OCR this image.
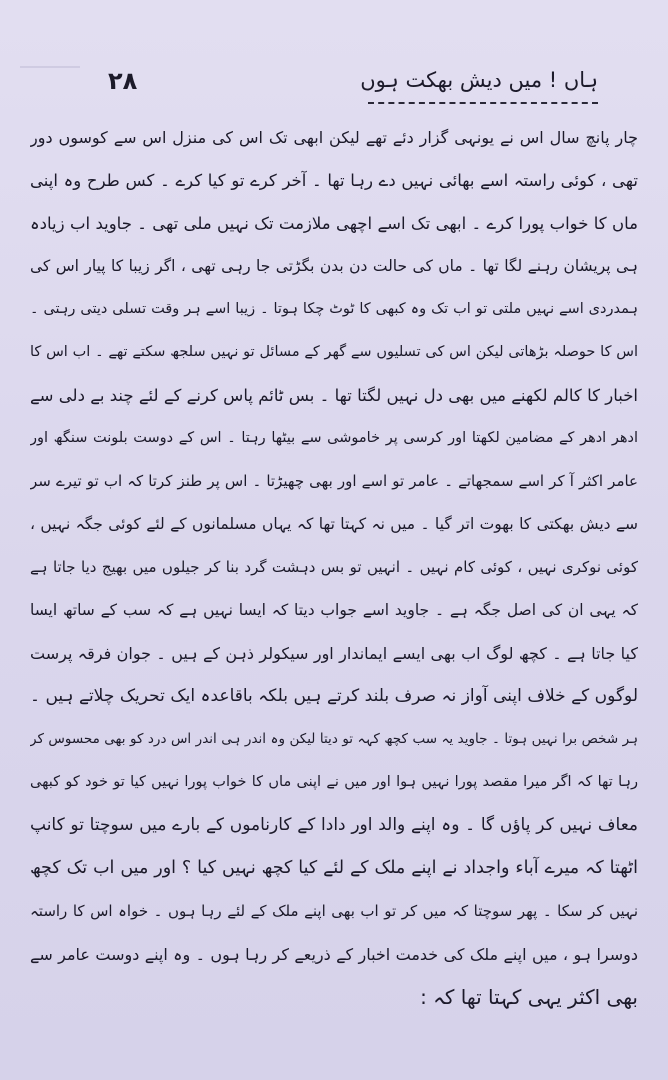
ہاں ! میں دیش بھکت ہوں
۲۸
چار پانچ سال اس نے یونہی گزار دئے تھے لیکن ابھی تک اس کی منزل اس سے کوسوں دور
تھی ، کوئی راستہ اسے بھائی نہیں دے رہا تھا ۔ آخر کرے تو کیا کرے ۔ کس طرح وہ اپنی
ماں کا خواب پورا کرے ۔ ابھی تک اسے اچھی ملازمت تک نہیں ملی تھی ۔ جاوید اب زیادہ
ہی پریشان رہنے لگا تھا ۔ ماں کی حالت دن بدن بگڑتی جا رہی تھی ، اگر زیبا کا پیار اس کی
ہمدردی اسے نہیں ملتی تو اب تک وہ کبھی کا ٹوٹ چکا ہوتا ۔ زیبا اسے ہر وقت تسلی دیتی رہتی ۔
اس کا حوصلہ بڑھاتی لیکن اس کی تسلیوں سے گھر کے مسائل تو نہیں سلجھ سکتے تھے ۔ اب اس کا
اخبار کا کالم لکھنے میں بھی دل نہیں لگتا تھا ۔ بس ٹائم پاس کرنے کے لئے چند بے دلی سے
ادھر ادھر کے مضامین لکھتا اور کرسی پر خاموشی سے بیٹھا رہتا ۔ اس کے دوست بلونت سنگھ اور
عامر اکثر آ کر اسے سمجھاتے ۔ عامر تو اسے اور بھی چھیڑتا ۔ اس پر طنز کرتا کہ اب تو تیرے سر
سے دیش بھکتی کا بھوت اتر گیا ۔ میں نہ کہتا تھا کہ یہاں مسلمانوں کے لئے کوئی جگہ نہیں ،
کوئی نوکری نہیں ، کوئی کام نہیں ۔ انہیں تو بس دہشت گرد بنا کر جیلوں میں بھیج دیا جاتا ہے
کہ یہی ان کی اصل جگہ ہے ۔ جاوید اسے جواب دیتا کہ ایسا نہیں ہے کہ سب کے ساتھ ایسا
کیا جاتا ہے ۔ کچھ لوگ اب بھی ایسے ایماندار اور سیکولر ذہن کے ہیں ۔ جوان فرقہ پرست
لوگوں کے خلاف اپنی آواز نہ صرف بلند کرتے ہیں بلکہ باقاعدہ ایک تحریک چلاتے ہیں ۔
ہر شخص برا نہیں ہوتا ۔ جاوید یہ سب کچھ کہہ تو دیتا لیکن وہ اندر ہی اندر اس درد کو بھی محسوس کر
رہا تھا کہ اگر میرا مقصد پورا نہیں ہوا اور میں نے اپنی ماں کا خواب پورا نہیں کیا تو خود کو کبھی
معاف نہیں کر پاؤں گا ۔ وہ اپنے والد اور دادا کے کارناموں کے بارے میں سوچتا تو کانپ
اٹھتا کہ میرے آباء واجداد نے اپنے ملک کے لئے کیا کچھ نہیں کیا ؟ اور میں اب تک کچھ
نہیں کر سکا ۔ پھر سوچتا کہ میں کر تو اب بھی اپنے ملک کے لئے رہا ہوں ۔ خواہ اس کا راستہ
دوسرا ہو ، میں اپنے ملک کی خدمت اخبار کے ذریعے کر رہا ہوں ۔ وہ اپنے دوست عامر سے
بھی اکثر یہی کہتا تھا کہ :
